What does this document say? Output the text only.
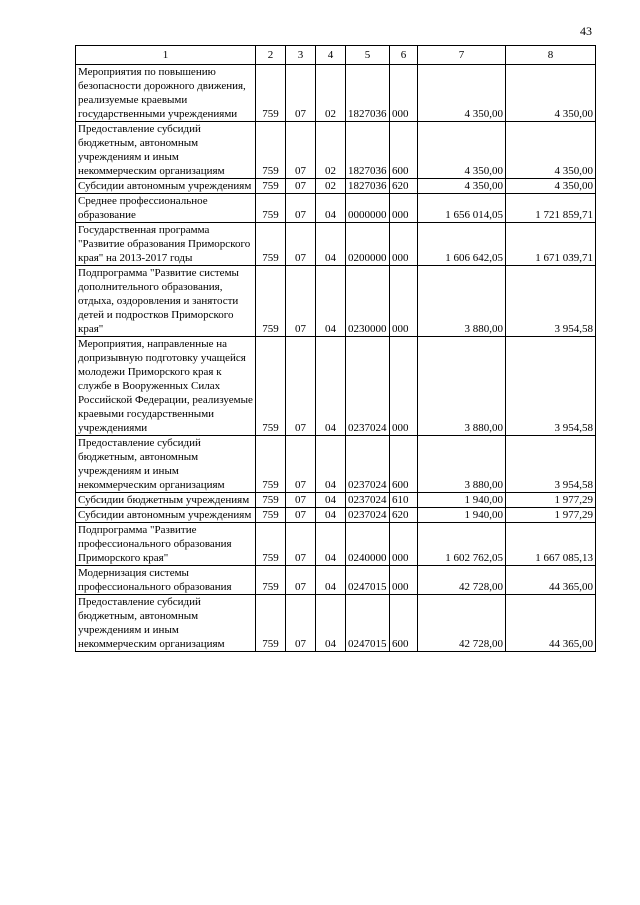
43
1	2	3	4	5	6	7	8
Мероприятия по повышению безопасности дорожного движения, реализуемые краевыми государственными учреждениями	759	07	02	1827036	000	4 350,00	4 350,00
Предоставление субсидий бюджетным, автономным учреждениям и иным некоммерческим организациям	759	07	02	1827036	600	4 350,00	4 350,00
Субсидии автономным учреждениям	759	07	02	1827036	620	4 350,00	4 350,00
Среднее профессиональное образование	759	07	04	0000000	000	1 656 014,05	1 721 859,71
Государственная программа "Развитие образования Приморского края" на 2013-2017 годы	759	07	04	0200000	000	1 606 642,05	1 671 039,71
Подпрограмма "Развитие системы дополнительного образования, отдыха, оздоровления и занятости детей и подростков Приморского края"	759	07	04	0230000	000	3 880,00	3 954,58
Мероприятия, направленные на допризывную подготовку учащейся молодежи Приморского края к службе в Вооруженных Силах Российской Федерации, реализуемые краевыми государственными учреждениями	759	07	04	0237024	000	3 880,00	3 954,58
Предоставление субсидий бюджетным, автономным учреждениям и иным некоммерческим организациям	759	07	04	0237024	600	3 880,00	3 954,58
Субсидии бюджетным учреждениям	759	07	04	0237024	610	1 940,00	1 977,29
Субсидии автономным учреждениям	759	07	04	0237024	620	1 940,00	1 977,29
Подпрограмма "Развитие профессионального образования Приморского края"	759	07	04	0240000	000	1 602 762,05	1 667 085,13
Модернизация системы профессионального образования	759	07	04	0247015	000	42 728,00	44 365,00
Предоставление субсидий бюджетным, автономным учреждениям и иным некоммерческим организациям	759	07	04	0247015	600	42 728,00	44 365,00
